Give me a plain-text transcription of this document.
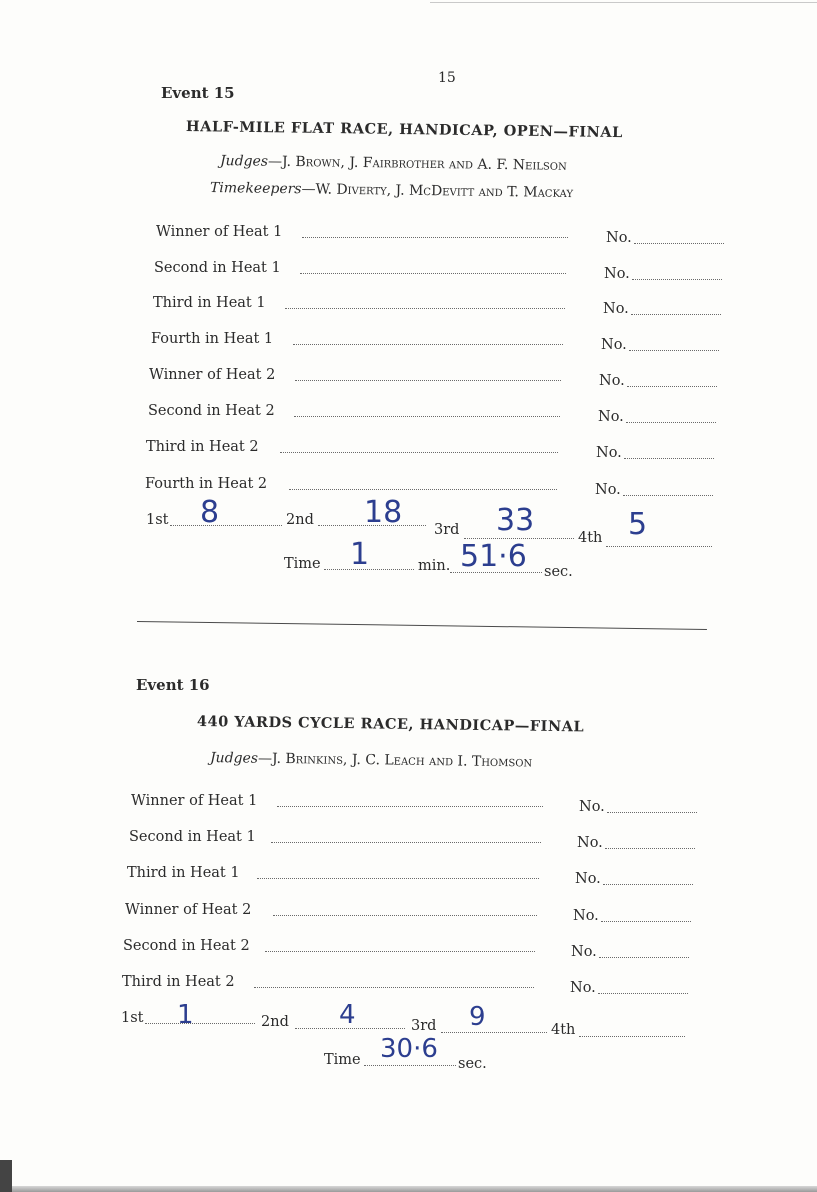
15
Event 15
HALF-MILE FLAT RACE, HANDICAP, OPEN—FINAL
Judges—J. Brown, J. Fairbrother and A. F. Neilson
Timekeepers—W. Diverty, J. McDevitt and T. Mackay
Winner of Heat 1	No.
Second in Heat 1	No.
Third in Heat 1	No.
Fourth in Heat 1	No.
Winner of Heat 2	No.
Second in Heat 2	No.
Third in Heat 2	No.
Fourth in Heat 2	No.
1st 8	2nd 18 3rd 33	4th 5
Time 1	min. 51·6 sec.
Event 16
440 YARDS CYCLE RACE, HANDICAP—FINAL
Judges—J. Brinkins, J. C. Leach and I. Thomson
Winner of Heat 1	No.
Second in Heat 1	No.
Third in Heat 1	No.
Winner of Heat 2	No.
Second in Heat 2	No.
Third in Heat 2	No.
1st 1	2nd 4	3rd 9	4th
Time 30·6 sec.
